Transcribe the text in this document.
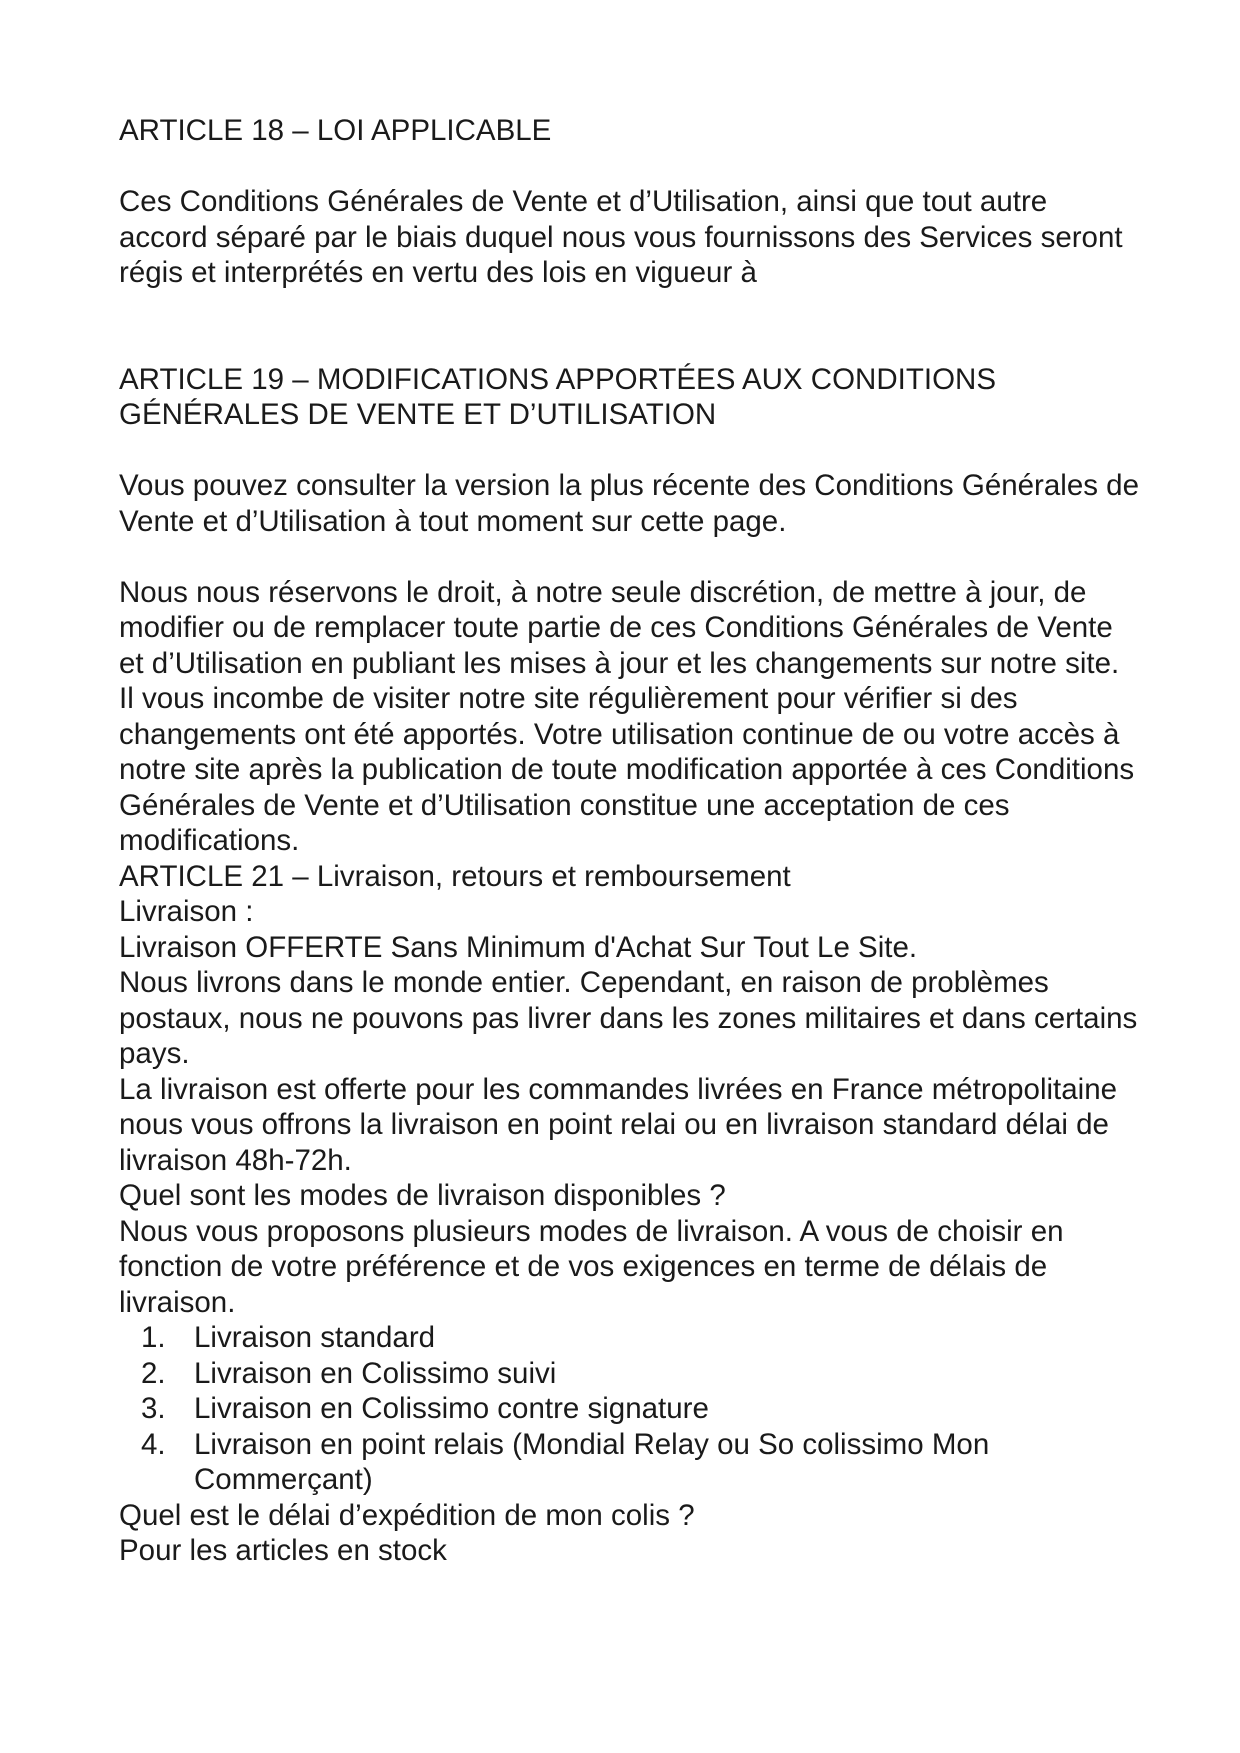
ARTICLE 18 – LOI APPLICABLE

Ces Conditions Générales de Vente et d’Utilisation, ainsi que tout autre accord séparé par le biais duquel nous vous fournissons des Services seront régis et interprétés en vertu des lois en vigueur à

ARTICLE 19 – MODIFICATIONS APPORTÉES AUX CONDITIONS
GÉNÉRALES DE VENTE ET D’UTILISATION

Vous pouvez consulter la version la plus récente des Conditions Générales de Vente et d’Utilisation à tout moment sur cette page.

Nous nous réservons le droit, à notre seule discrétion, de mettre à jour, de modifier ou de remplacer toute partie de ces Conditions Générales de Vente et d’Utilisation en publiant les mises à jour et les changements sur notre site. Il vous incombe de visiter notre site régulièrement pour vérifier si des changements ont été apportés. Votre utilisation continue de ou votre accès à notre site après la publication de toute modification apportée à ces Conditions Générales de Vente et d’Utilisation constitue une acceptation de ces modifications.

ARTICLE 21 – Livraison, retours et remboursement

Livraison :

Livraison OFFERTE Sans Minimum d'Achat Sur Tout Le Site.

Nous livrons dans le monde entier. Cependant, en raison de problèmes postaux, nous ne pouvons pas livrer dans les zones militaires et dans certains pays.

La livraison est offerte pour les commandes livrées en France métropolitaine nous vous offrons la livraison en point relai ou en livraison standard délai de livraison 48h-72h.

Quel sont les modes de livraison disponibles ?

Nous vous proposons plusieurs modes de livraison. A vous de choisir en fonction de votre préférence et de vos exigences en terme de délais de livraison.

1. Livraison standard
2. Livraison en Colissimo suivi
3. Livraison en Colissimo contre signature
4. Livraison en point relais (Mondial Relay ou So colissimo Mon Commerçant)

Quel est le délai d’expédition de mon colis ?

Pour les articles en stock
